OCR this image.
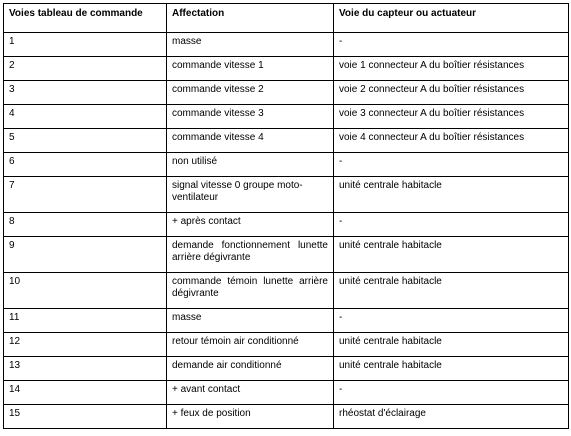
Voies tableau de commande	Affectation	Voie du capteur ou actuateur
1	masse	-
2	commande vitesse 1	voie 1 connecteur A du boîtier résistances
3	commande vitesse 2	voie 2 connecteur A du boîtier résistances
4	commande vitesse 3	voie 3 connecteur A du boîtier résistances
5	commande vitesse 4	voie 4 connecteur A du boîtier résistances
6	non utilisé	-
7	signal vitesse 0 groupe moto-ventilateur	unité centrale habitacle
8	+ après contact	-
9	demande fonctionnement lunette arrière dégivrante	unité centrale habitacle
10	commande témoin lunette arrière dégivrante	unité centrale habitacle
11	masse	-
12	retour témoin air conditionné	unité centrale habitacle
13	demande air conditionné	unité centrale habitacle
14	+ avant contact	-
15	+ feux de position	rhéostat d'éclairage
